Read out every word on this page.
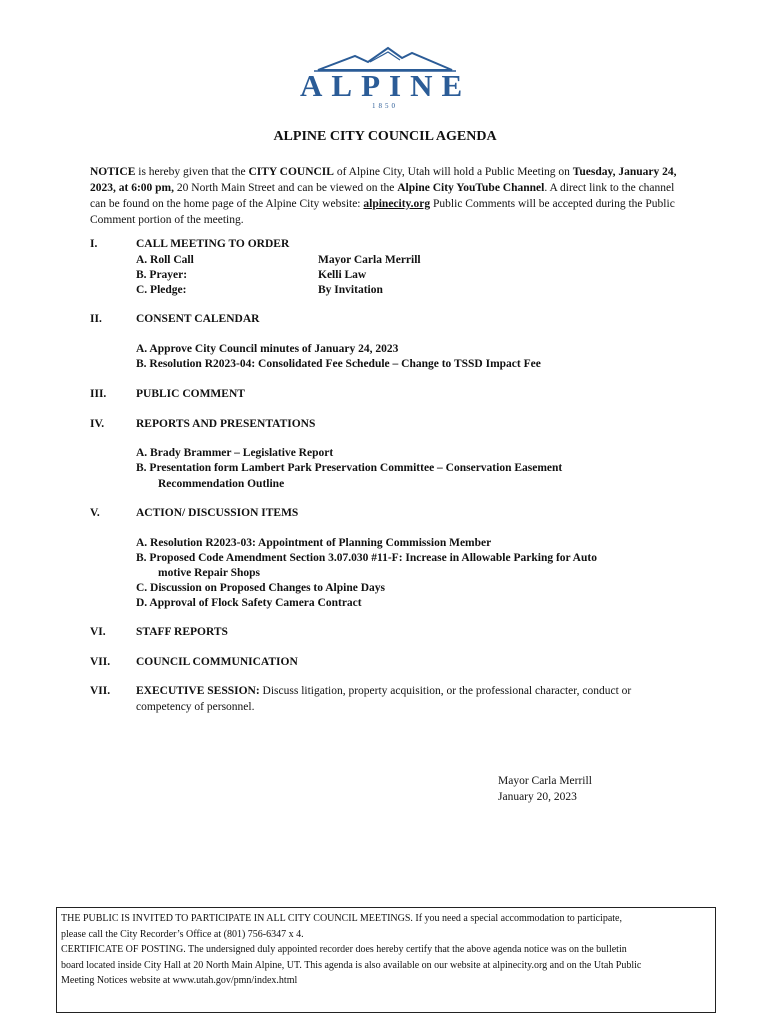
ALPINE
1850
ALPINE CITY COUNCIL AGENDA
NOTICE is hereby given that the CITY COUNCIL of Alpine City, Utah will hold a Public Meeting on Tuesday, January 24, 2023, at 6:00 pm, 20 North Main Street and can be viewed on the Alpine City YouTube Channel. A direct link to the channel can be found on the home page of the Alpine City website: alpinecity.org Public Comments will be accepted during the Public Comment portion of the meeting.
I.	CALL MEETING TO ORDER
A. Roll Call	Mayor Carla Merrill
B. Prayer:	Kelli Law
C. Pledge:	By Invitation
II.	CONSENT CALENDAR
A. Approve City Council minutes of January 24, 2023
B. Resolution R2023-04: Consolidated Fee Schedule – Change to TSSD Impact Fee
III.	PUBLIC COMMENT
IV.	REPORTS AND PRESENTATIONS
A. Brady Brammer – Legislative Report
B. Presentation form Lambert Park Preservation Committee – Conservation Easement
Recommendation Outline
V.	ACTION/ DISCUSSION ITEMS
A. Resolution R2023-03: Appointment of Planning Commission Member
B. Proposed Code Amendment Section 3.07.030 #11-F: Increase in Allowable Parking for Auto
motive Repair Shops
C. Discussion on Proposed Changes to Alpine Days
D. Approval of Flock Safety Camera Contract
VI.	STAFF REPORTS
VII. COUNCIL COMMUNICATION
VII. EXECUTIVE SESSION: Discuss litigation, property acquisition, or the professional character, conduct or
competency of personnel.
Mayor Carla Merrill
January 20, 2023
THE PUBLIC IS INVITED TO PARTICIPATE IN ALL CITY COUNCIL MEETINGS. If you need a special accommodation to participate,
please call the City Recorder’s Office at (801) 756-6347 x 4.
CERTIFICATE OF POSTING. The undersigned duly appointed recorder does hereby certify that the above agenda notice was on the bulletin
board located inside City Hall at 20 North Main Alpine, UT. This agenda is also available on our website at alpinecity.org and on the Utah Public
Meeting Notices website at www.utah.gov/pmn/index.html
